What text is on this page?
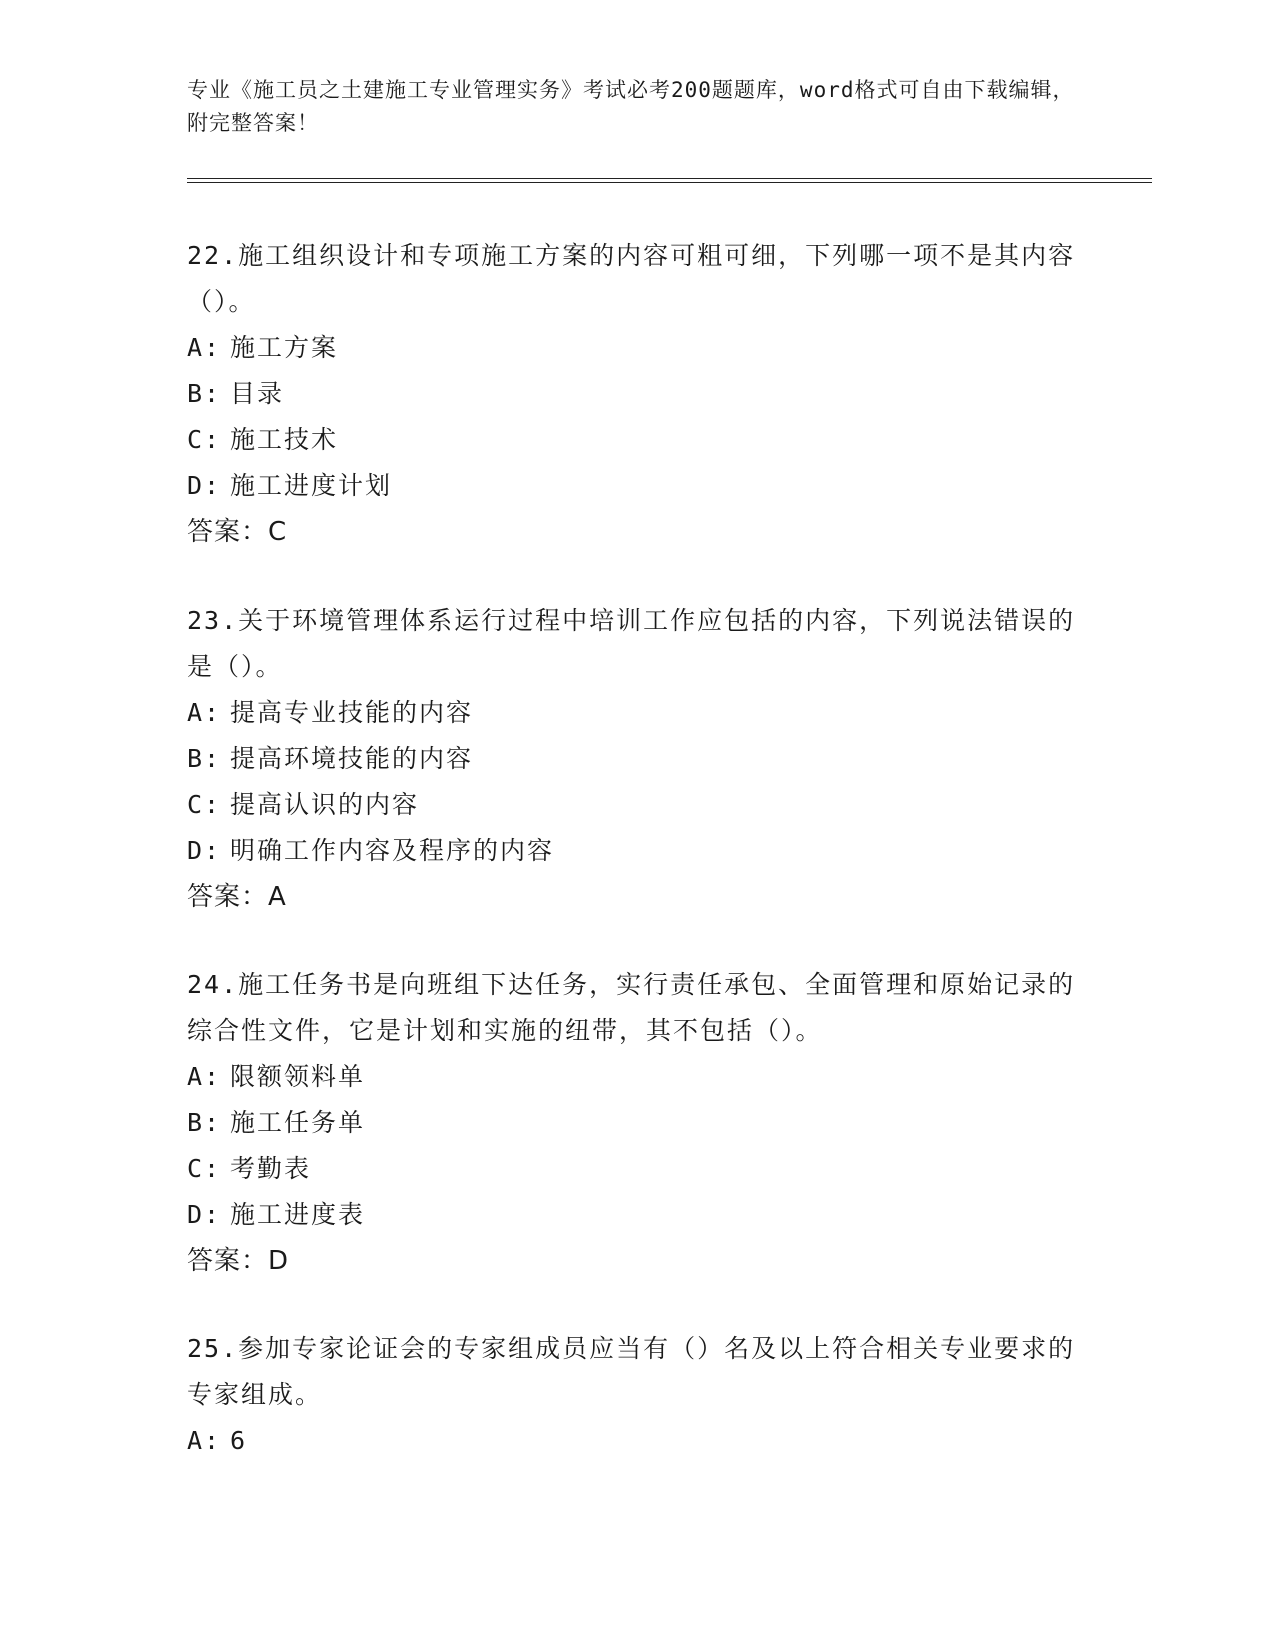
专业《施工员之土建施工专业管理实务》考试必考200题题库，word格式可自由下载编辑，附完整答案！
22.施工组织设计和专项施工方案的内容可粗可细，下列哪一项不是其内容（）。
A: 施工方案
B: 目录
C: 施工技术
D: 施工进度计划
答案：C
23.关于环境管理体系运行过程中培训工作应包括的内容，下列说法错误的是（）。
A: 提高专业技能的内容
B: 提高环境技能的内容
C: 提高认识的内容
D: 明确工作内容及程序的内容
答案：A
24.施工任务书是向班组下达任务，实行责任承包、全面管理和原始记录的综合性文件，它是计划和实施的纽带，其不包括（）。
A: 限额领料单
B: 施工任务单
C: 考勤表
D: 施工进度表
答案：D
25.参加专家论证会的专家组成员应当有（）名及以上符合相关专业要求的专家组成。
A: 6
